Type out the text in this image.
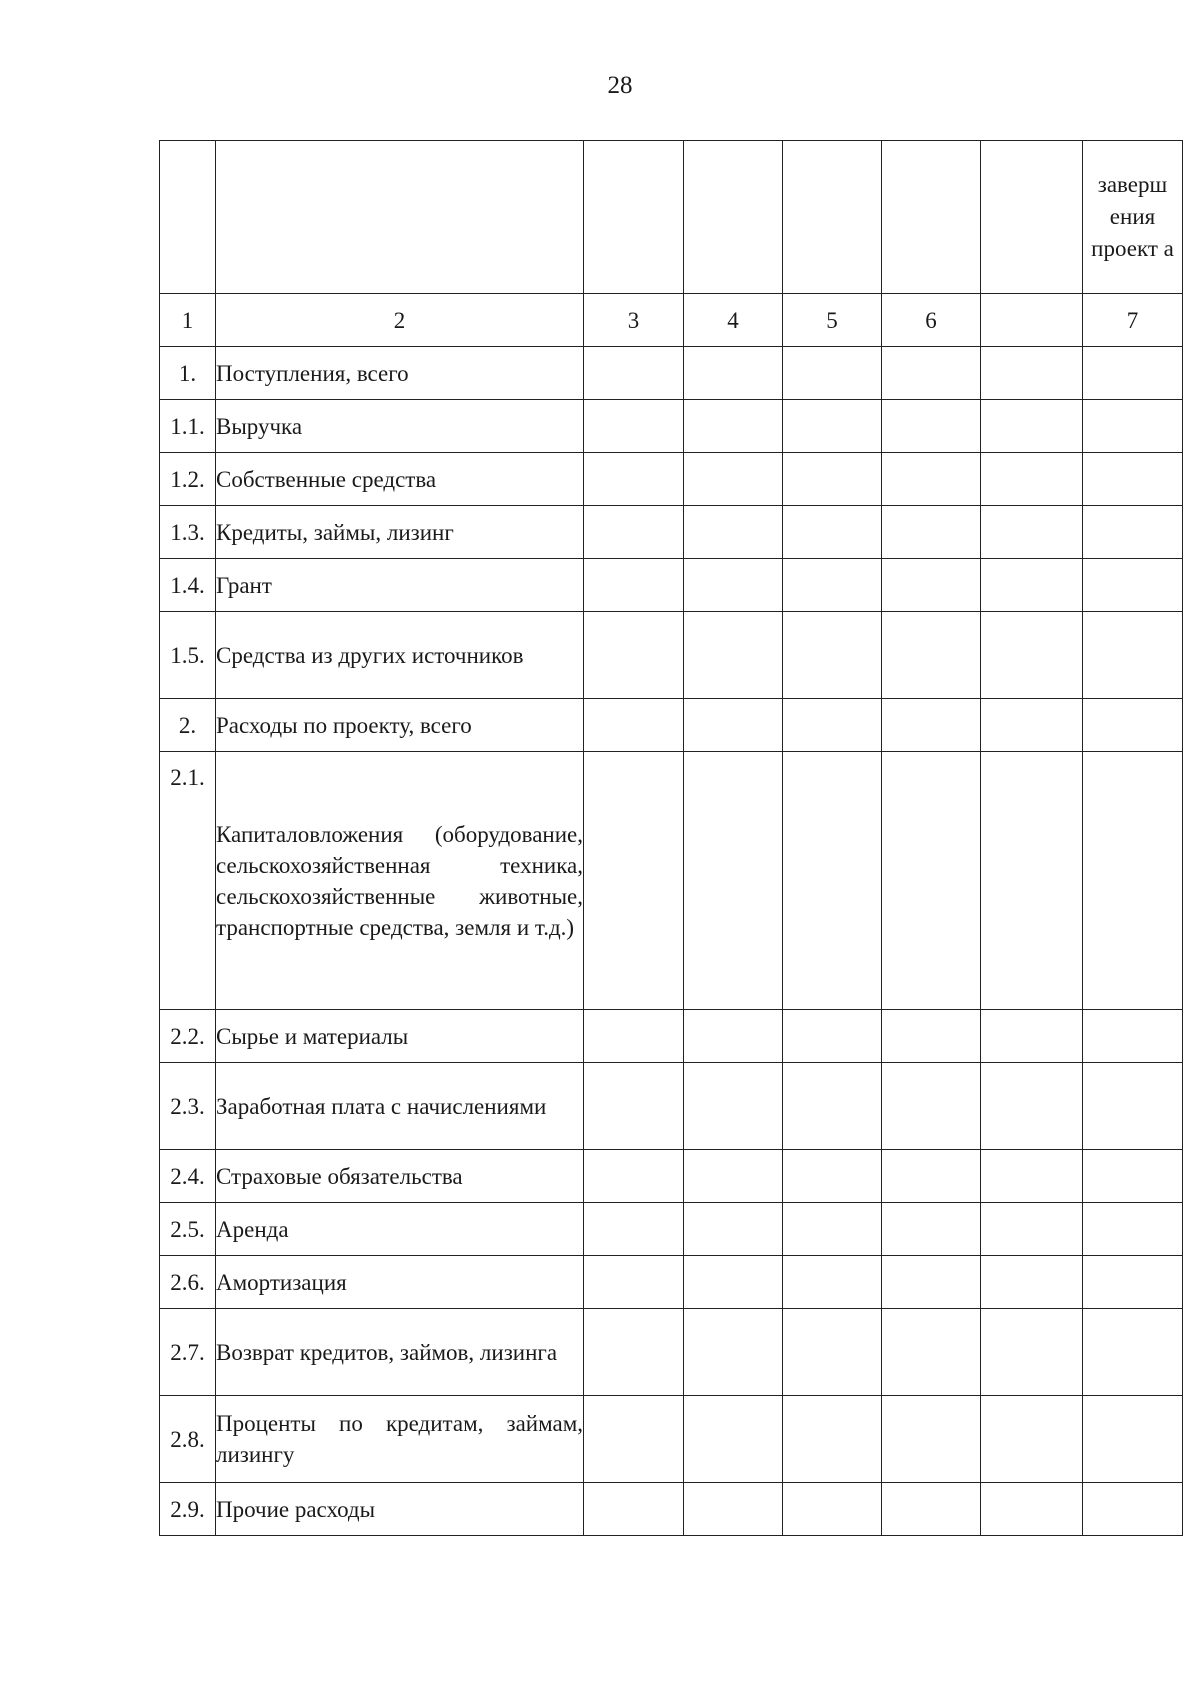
28
							заверш ения проект а
1	2	3	4	5	6		7
1.	Поступления, всего						
1.1.	Выручка						
1.2.	Собственные средства						
1.3.	Кредиты, займы, лизинг						
1.4.	Грант						
1.5.	Средства из других источников						
2.	Расходы по проекту, всего						
2.1.	Капиталовложения (оборудование, сельскохозяйственная техника, сельскохозяйственные животные, транспортные средства, земля и т.д.)						
2.2.	Сырье и материалы						
2.3.	Заработная плата с начислениями						
2.4.	Страховые обязательства						
2.5.	Аренда						
2.6.	Амортизация						
2.7.	Возврат кредитов, займов, лизинга						
2.8.	Проценты по кредитам, займам, лизингу						
2.9.	Прочие расходы						
